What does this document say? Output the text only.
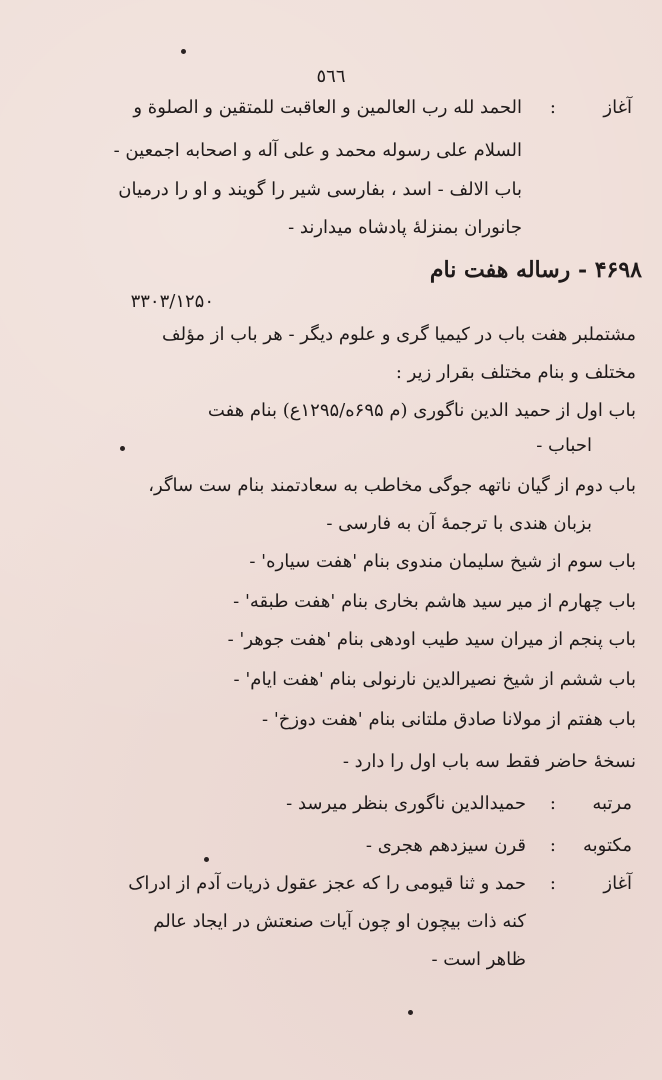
٥٦٦
آغاز
:
الحمد لله رب العالمین و العاقبت للمتقین و الصلوة و
السلام علی رسوله محمد و علی آله و اصحابه اجمعین -
باب الالف - اسد ، بفارسی شیر را گویند و او را درمیان
جانوران بمنزلهٔ پادشاه میدارند -
۴۶۹۸ - رساله هفت نام
۳۳۰۳/۱۲۵۰
مشتملبر هفت باب در کیمیا گری و علوم دیگر - هر باب از مؤلف
مختلف و بنام مختلف بقرار زیر :
باب اول از حمید الدین ناگوری (م ۶۹۵ه/۱۲۹۵ع) بنام هفت
احباب -
باب دوم از گیان ناتهه جوگی مخاطب به سعادتمند بنام ست ساگر،
بزبان هندی با ترجمهٔ آن به فارسی -
باب سوم از شیخ سلیمان مندوی بنام 'هفت سیاره' -
باب چهارم از میر سید هاشم بخاری بنام 'هفت طبقه' -
باب پنجم از میران سید طیب اودهی بنام 'هفت جوهر' -
باب ششم از شیخ نصیرالدین نارنولی بنام 'هفت ایام' -
باب هفتم از مولانا صادق ملتانی بنام 'هفت دوزخ' -
نسخهٔ حاضر فقط سه باب اول را دارد -
مرتبه
:
حمیدالدین ناگوری بنظر میرسد -
مکتوبه
:
قرن سیزدهم هجری -
آغاز
:
حمد و ثنا قیومی را که عجز عقول ذریات آدم از ادراک
کنه ذات بیچون او چون آیات صنعتش در ایجاد عالم
ظاهر است -
